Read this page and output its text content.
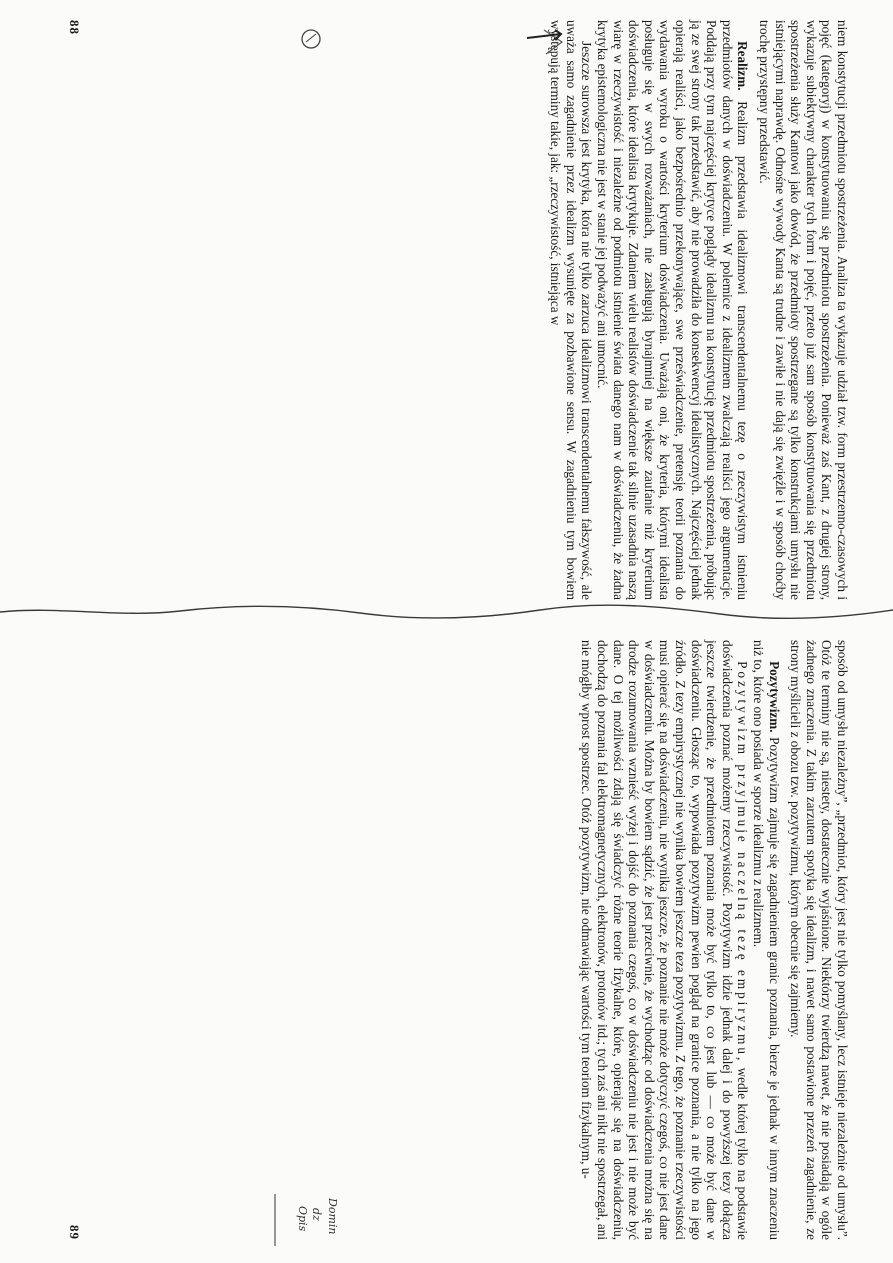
niem konstytucji przedmiotu spostrzeżenia. Analiza ta wykazuje udział tzw. form przestrzenno-czasowych i pojęć (kategoryj) w konstytuowaniu się przedmiotu spostrzeżenia. Ponieważ zaś Kant, z drugiej strony, wykazuje subiektywny charakter tych form i pojęć, przeto już sam sposób konstytuowania się przedmiotu spostrzeżenia służy Kantowi jako dowód, że przedmioty spostrzegane są tylko konstrukcjami umysłu nie istniejącymi naprawdę. Odnośne wywody Kanta są trudne i zawiłe i nie dają się zwięźle i w sposób choćby trochę przystępny przedstawić.

Realizm. Realizm przedstawia idealizmowi transcendentalnemu tezę o rzeczywistym istnieniu przedmiotów danych w doświadczeniu. W polemice z idealizmem zwalczają realiści jego argumentacje. Poddają przy tym najczęściej krytyce poglądy idealizmu na konstytucję przedmiotu spostrzeżenia, próbując ją ze swej strony tak przedstawić, aby nie prowadziła do konsekwencyj idealistycznych. Najczęściej jednak opierają realiści, jako bezpośrednio przekonywające, swe przeświadczenie, pretensję teorii poznania do wydawania wyroku o wartości kryterium doświadczenia. Uważają oni, że kryteria, którymi idealista posługuje się w swych rozważaniach, nie zasługują bynajmniej na większe zaufanie niż kryterium doświadczenia, które idealista krytykuje. Zdaniem wielu realistów doświadczenie tak silnie uzasadnia naszą wiarę w rzeczywistość i niezależne od podmiotu istnienie świata danego nam w doświadczeniu, że żadna krytyka epistemologiczna nie jest w stanie jej podważyć ani umocnić.

Jeszcze surowsza jest krytyka, która nie tylko zarzuca idealizmowi transcendentalnemu fałszywość, ale uważa samo zagadnienie przez idealizm wysunięte za pozbawione sensu. W zagadnieniu tym bowiem występują terminy takie, jak: „rzeczywistość, istniejąca w

88

sposób od umysłu niezależny”, „przedmiot, który jest nie tylko pomyślany, lecz istnieje niezależnie od umysłu”. Otóż te terminy nie są, niestety, dostatecznie wyjaśnione. Niektórzy twierdzą nawet, że nie posiadają w ogóle żadnego znaczenia. Z takim zarzutem spotyka się idealizm, i nawet samo postawione przezeń zagadnienie, ze strony myślicieli z obozu tzw. pozytywizmu, którym obecnie się zajmiemy.

Pozytywizm. Pozytywizm zajmuje się zagadnieniem granic poznania, bierze je jednak w innym znaczeniu niż to, które ono posiada w sporze idealizmu z realizmem.

Pozytywizm przyjmuje naczelną tezę empiryzmu, wedle której tylko na podstawie doświadczenia poznać możemy rzeczywistość. Pozytywizm idzie jednak dalej i do powyższej tezy dołącza jeszcze twierdzenie, że przedmiotem poznania może być tylko to, co jest lub — co może być dane w doświadczeniu. Głosząc to, wypowiada pozytywizm pewien pogląd na granice poznania, a nie tylko na jego źródło. Z tezy empirystycznej nie wynika bowiem jeszcze teza pozytywizmu. Z tego, że poznanie rzeczywistości musi opierać się na doświadczeniu, nie wynika jeszcze, że poznanie nie może dotyczyć czegoś, co nie jest dane w doświadczeniu. Można by bowiem sądzić, że jest przeciwnie, że wychodząc od doświadczenia można się na drodze rozumowania wznieść wyżej i dojść do poznania czegoś, co w doświadczeniu nie jest i nie może być dane. O tej możliwości zdają się świadczyć różne teorie fizykalne, które, opierając się na doświadczeniu, dochodzą do poznania fal elektromagnetycznych, elektronów, protonów itd.; tych zaś ani nikt nie spostrzegał, ani nie mógłby wprost spostrzec. Otóż pozytywizm, nie odmawiając wartości tym teoriom fizykalnym, u-

89
Opis dz Domin
